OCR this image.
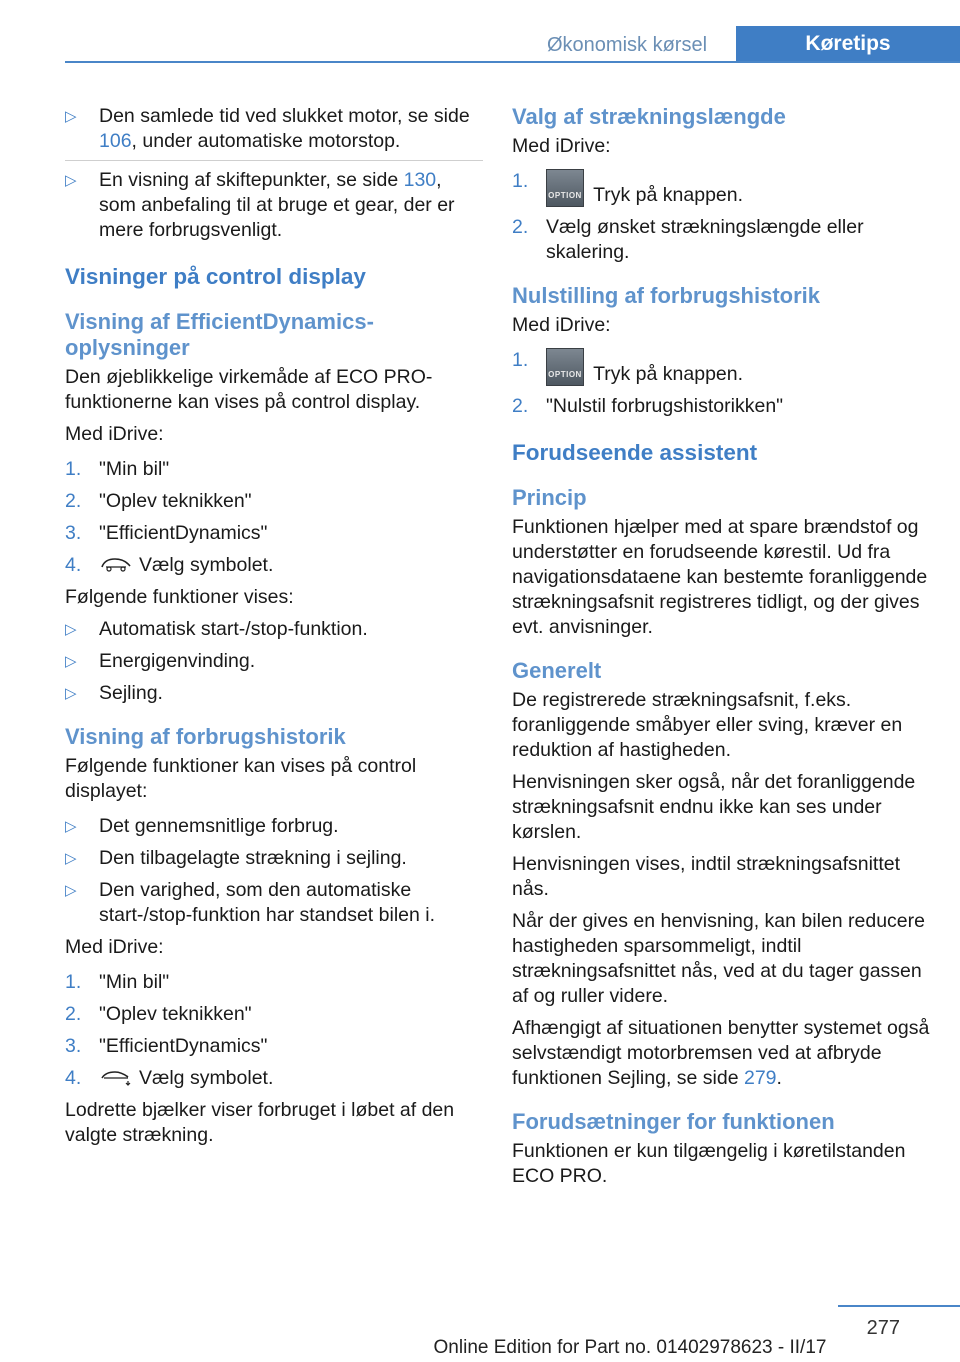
Økonomisk kørsel	Køretips
▷ Den samlede tid ved slukket motor, se side 106, under automatiske motorstop.
▷ En visning af skiftepunkter, se side 130, som anbefaling til at bruge et gear, der er mere forbrugsvenligt.
Visninger på control display
Visning af EfficientDynamics-oplysninger

Den øjeblikkelige virkemåde af ECO PRO-funktionerne kan vises på control display.

Med iDrive:

1. "Min bil"
2. "Oplev teknikken"
3. "EfficientDynamics"
4.	Vælg symbolet.

Følgende funktioner vises:

▷ Automatisk start-/stop-funktion.
▷ Energigenvinding.
▷ Sejling.
Visning af forbrugshistorik

Følgende funktioner kan vises på control displayet:

▷ Det gennemsnitlige forbrug.
▷ Den tilbagelagte strækning i sejling.
▷ Den varighed, som den automatiske start-/stop-funktion har standset bilen i.

Med iDrive:

1. "Min bil"
2. "Oplev teknikken"
3. "EfficientDynamics"
4.	Vælg symbolet.

Lodrette bjælker viser forbruget i løbet af den valgte strækning.

Valg af strækningslængde

Med iDrive:

1.
OPTION Tryk på knappen.
2. Vælg ønsket strækningslængde eller skalering.
Nulstilling af forbrugshistorik

Med iDrive:

1.
OPTION Tryk på knappen.
2. "Nulstil forbrugshistorikken"
Forudseende assistent
Princip

Funktionen hjælper med at spare brændstof og understøtter en forudseende kørestil. Ud fra navigationsdataene kan bestemte foranliggende strækningsafsnit registreres tidligt, og der gives evt. anvisninger.

Generelt

De registrerede strækningsafsnit, f.eks. foranliggende småbyer eller sving, kræver en reduktion af hastigheden.

Henvisningen sker også, når det foranliggende strækningsafsnit endnu ikke kan ses under kørslen.

Henvisningen vises, indtil strækningsafsnittet nås.

Når der gives en henvisning, kan bilen reducere hastigheden sparsommeligt, indtil strækningsafsnittet nås, ved at du tager gassen af og ruller videre.

Afhængigt af situationen benytter systemet også selvstændigt motorbremsen ved at afbryde funktionen Sejling, se side 279.

Forudsætninger for funktionen

Funktionen er kun tilgængelig i køretilstanden ECO PRO.

277
Online Edition for Part no. 01402978623 - II/17
